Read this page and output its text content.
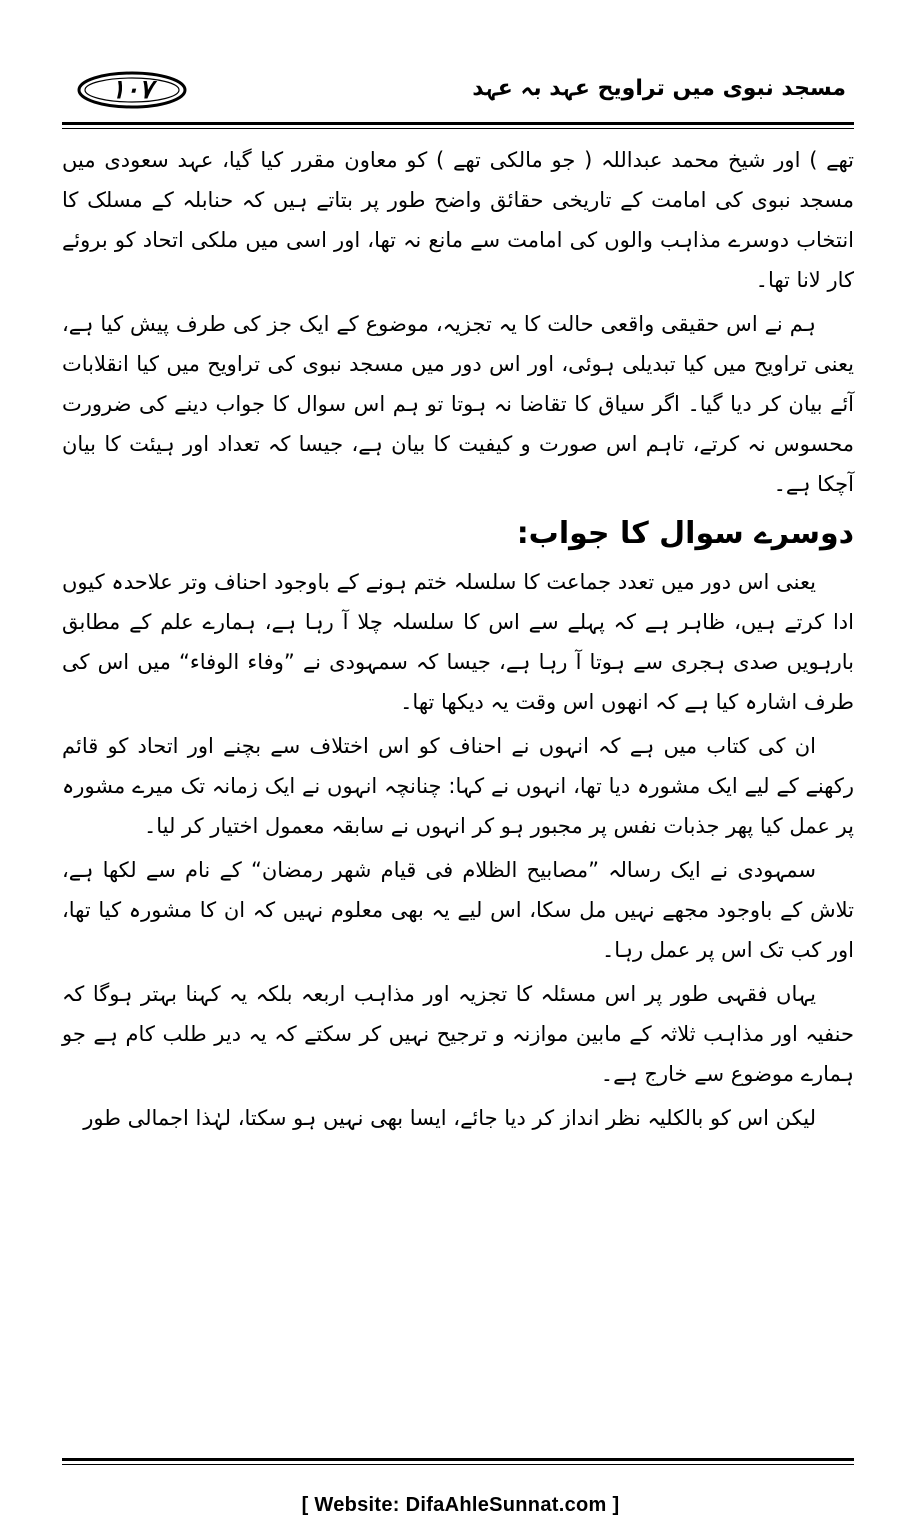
۱۰۷	مسجد نبوی میں تراویح عہد بہ عہد

تھے ) اور شیخ محمد عبداللہ ( جو مالکی تھے ) کو معاون مقرر کیا گیا، عہد سعودی میں مسجد نبوی کی امامت کے تاریخی حقائق واضح طور پر بتاتے ہیں کہ حنابلہ کے مسلک کا انتخاب دوسرے مذاہب والوں کی امامت سے مانع نہ تھا، اور اسی میں ملکی اتحاد کو بروئے کار لانا تھا۔

ہم نے اس حقیقی واقعی حالت کا یہ تجزیہ، موضوع کے ایک جز کی طرف پیش کیا ہے، یعنی تراویح میں کیا تبدیلی ہوئی، اور اس دور میں مسجد نبوی کی تراویح میں کیا انقلابات آئے بیان کر دیا گیا۔ اگر سیاق کا تقاضا نہ ہوتا تو ہم اس سوال کا جواب دینے کی ضرورت محسوس نہ کرتے، تاہم اس صورت و کیفیت کا بیان ہے، جیسا کہ تعداد اور ہیئت کا بیان آچکا ہے۔

دوسرے سوال کا جواب:

یعنی اس دور میں تعدد جماعت کا سلسلہ ختم ہونے کے باوجود احناف وتر علاحدہ کیوں ادا کرتے ہیں، ظاہر ہے کہ پہلے سے اس کا سلسلہ چلا آ رہا ہے، ہمارے علم کے مطابق بارہویں صدی ہجری سے ہوتا آ رہا ہے، جیسا کہ سمہودی نے ”وفاء الوفاء“ میں اس کی طرف اشارہ کیا ہے کہ انھوں اس وقت یہ دیکھا تھا۔

ان کی کتاب میں ہے کہ انہوں نے احناف کو اس اختلاف سے بچنے اور اتحاد کو قائم رکھنے کے لیے ایک مشورہ دیا تھا، انہوں نے کہا: چنانچہ انہوں نے ایک زمانہ تک میرے مشورہ پر عمل کیا پھر جذبات نفس پر مجبور ہو کر انہوں نے سابقہ معمول اختیار کر لیا۔

سمہودی نے ایک رسالہ ”مصابیح الظلام فی قیام شھر رمضان“ کے نام سے لکھا ہے، تلاش کے باوجود مجھے نہیں مل سکا، اس لیے یہ بھی معلوم نہیں کہ ان کا مشورہ کیا تھا، اور کب تک اس پر عمل رہا۔

یہاں فقہی طور پر اس مسئلہ کا تجزیہ اور مذاہب اربعہ بلکہ یہ کہنا بہتر ہوگا کہ حنفیہ اور مذاہب ثلاثہ کے مابین موازنہ و ترجیح نہیں کر سکتے کہ یہ دیر طلب کام ہے جو ہمارے موضوع سے خارج ہے۔

لیکن اس کو بالکلیہ نظر انداز کر دیا جائے، ایسا بھی نہیں ہو سکتا، لہٰذا اجمالی طور

[ Website: DifaAhleSunnat.com ]
